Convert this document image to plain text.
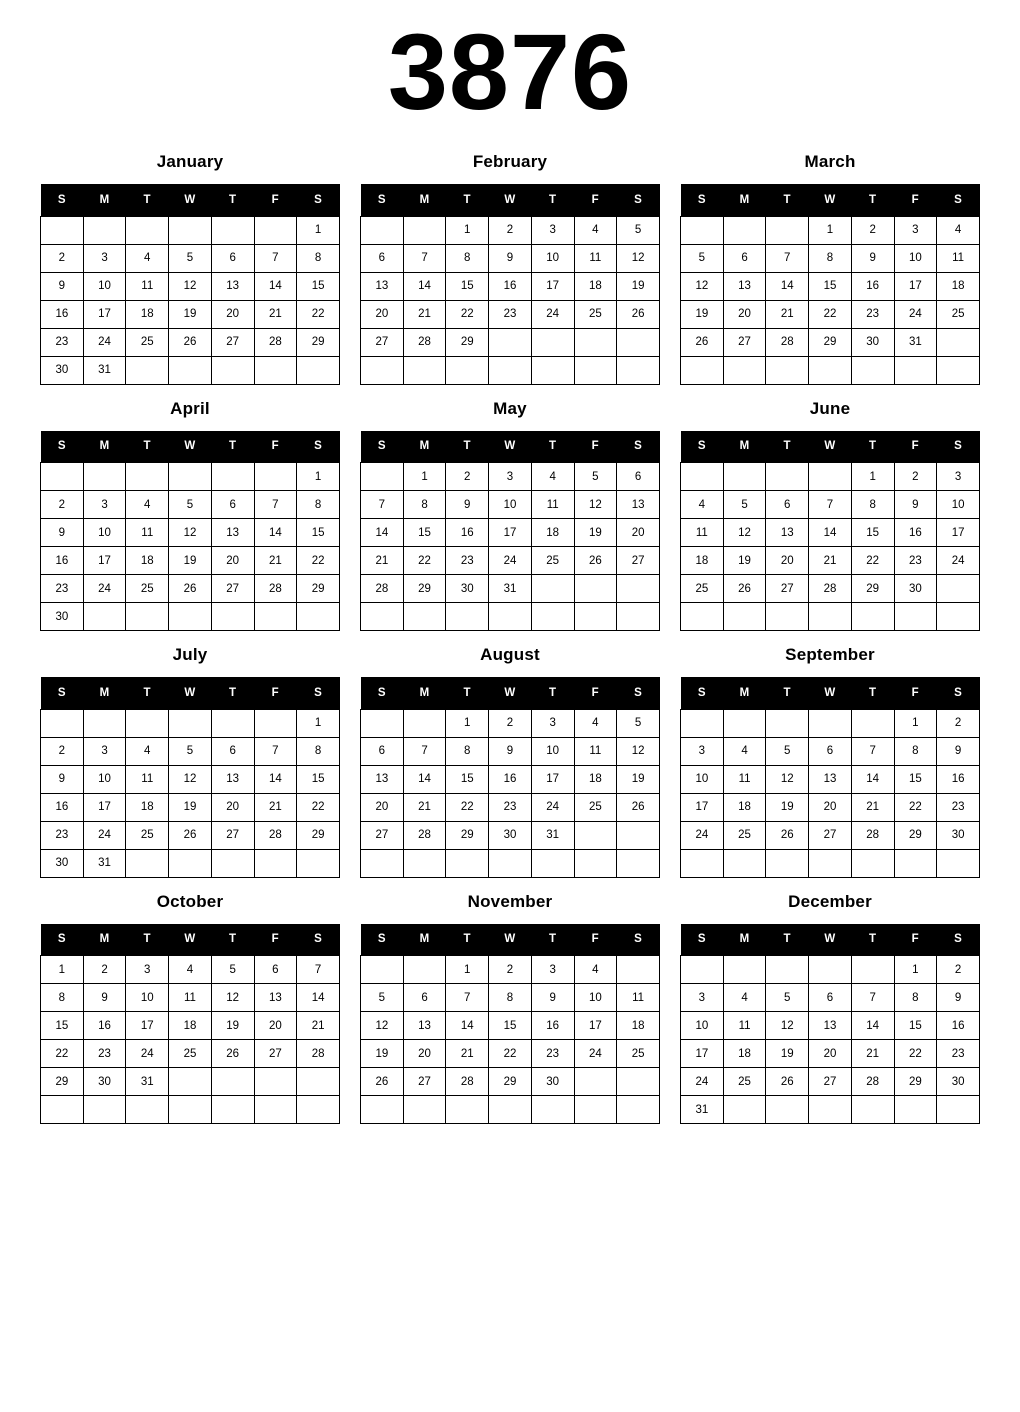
3876
January
S	M	T	W	T	F	S
						1
2	3	4	5	6	7	8
9	10	11	12	13	14	15
16	17	18	19	20	21	22
23	24	25	26	27	28	29
30	31					
February
S	M	T	W	T	F	S
		1	2	3	4	5
6	7	8	9	10	11	12
13	14	15	16	17	18	19
20	21	22	23	24	25	26
27	28	29				

March
S	M	T	W	T	F	S
			1	2	3	4
5	6	7	8	9	10	11
12	13	14	15	16	17	18
19	20	21	22	23	24	25
26	27	28	29	30	31	

April
S	M	T	W	T	F	S
						1
2	3	4	5	6	7	8
9	10	11	12	13	14	15
16	17	18	19	20	21	22
23	24	25	26	27	28	29
30						
May
S	M	T	W	T	F	S
	1	2	3	4	5	6
7	8	9	10	11	12	13
14	15	16	17	18	19	20
21	22	23	24	25	26	27
28	29	30	31			

June
S	M	T	W	T	F	S
				1	2	3
4	5	6	7	8	9	10
11	12	13	14	15	16	17
18	19	20	21	22	23	24
25	26	27	28	29	30	

July
S	M	T	W	T	F	S
						1
2	3	4	5	6	7	8
9	10	11	12	13	14	15
16	17	18	19	20	21	22
23	24	25	26	27	28	29
30	31					
August
S	M	T	W	T	F	S
		1	2	3	4	5
6	7	8	9	10	11	12
13	14	15	16	17	18	19
20	21	22	23	24	25	26
27	28	29	30	31		

September
S	M	T	W	T	F	S
					1	2
3	4	5	6	7	8	9
10	11	12	13	14	15	16
17	18	19	20	21	22	23
24	25	26	27	28	29	30

October
S	M	T	W	T	F	S
1	2	3	4	5	6	7
8	9	10	11	12	13	14
15	16	17	18	19	20	21
22	23	24	25	26	27	28
29	30	31				

November
S	M	T	W	T	F	S
		1	2	3	4	
5	6	7	8	9	10	11
12	13	14	15	16	17	18
19	20	21	22	23	24	25
26	27	28	29	30		

December
S	M	T	W	T	F	S
					1	2
3	4	5	6	7	8	9
10	11	12	13	14	15	16
17	18	19	20	21	22	23
24	25	26	27	28	29	30
31						
